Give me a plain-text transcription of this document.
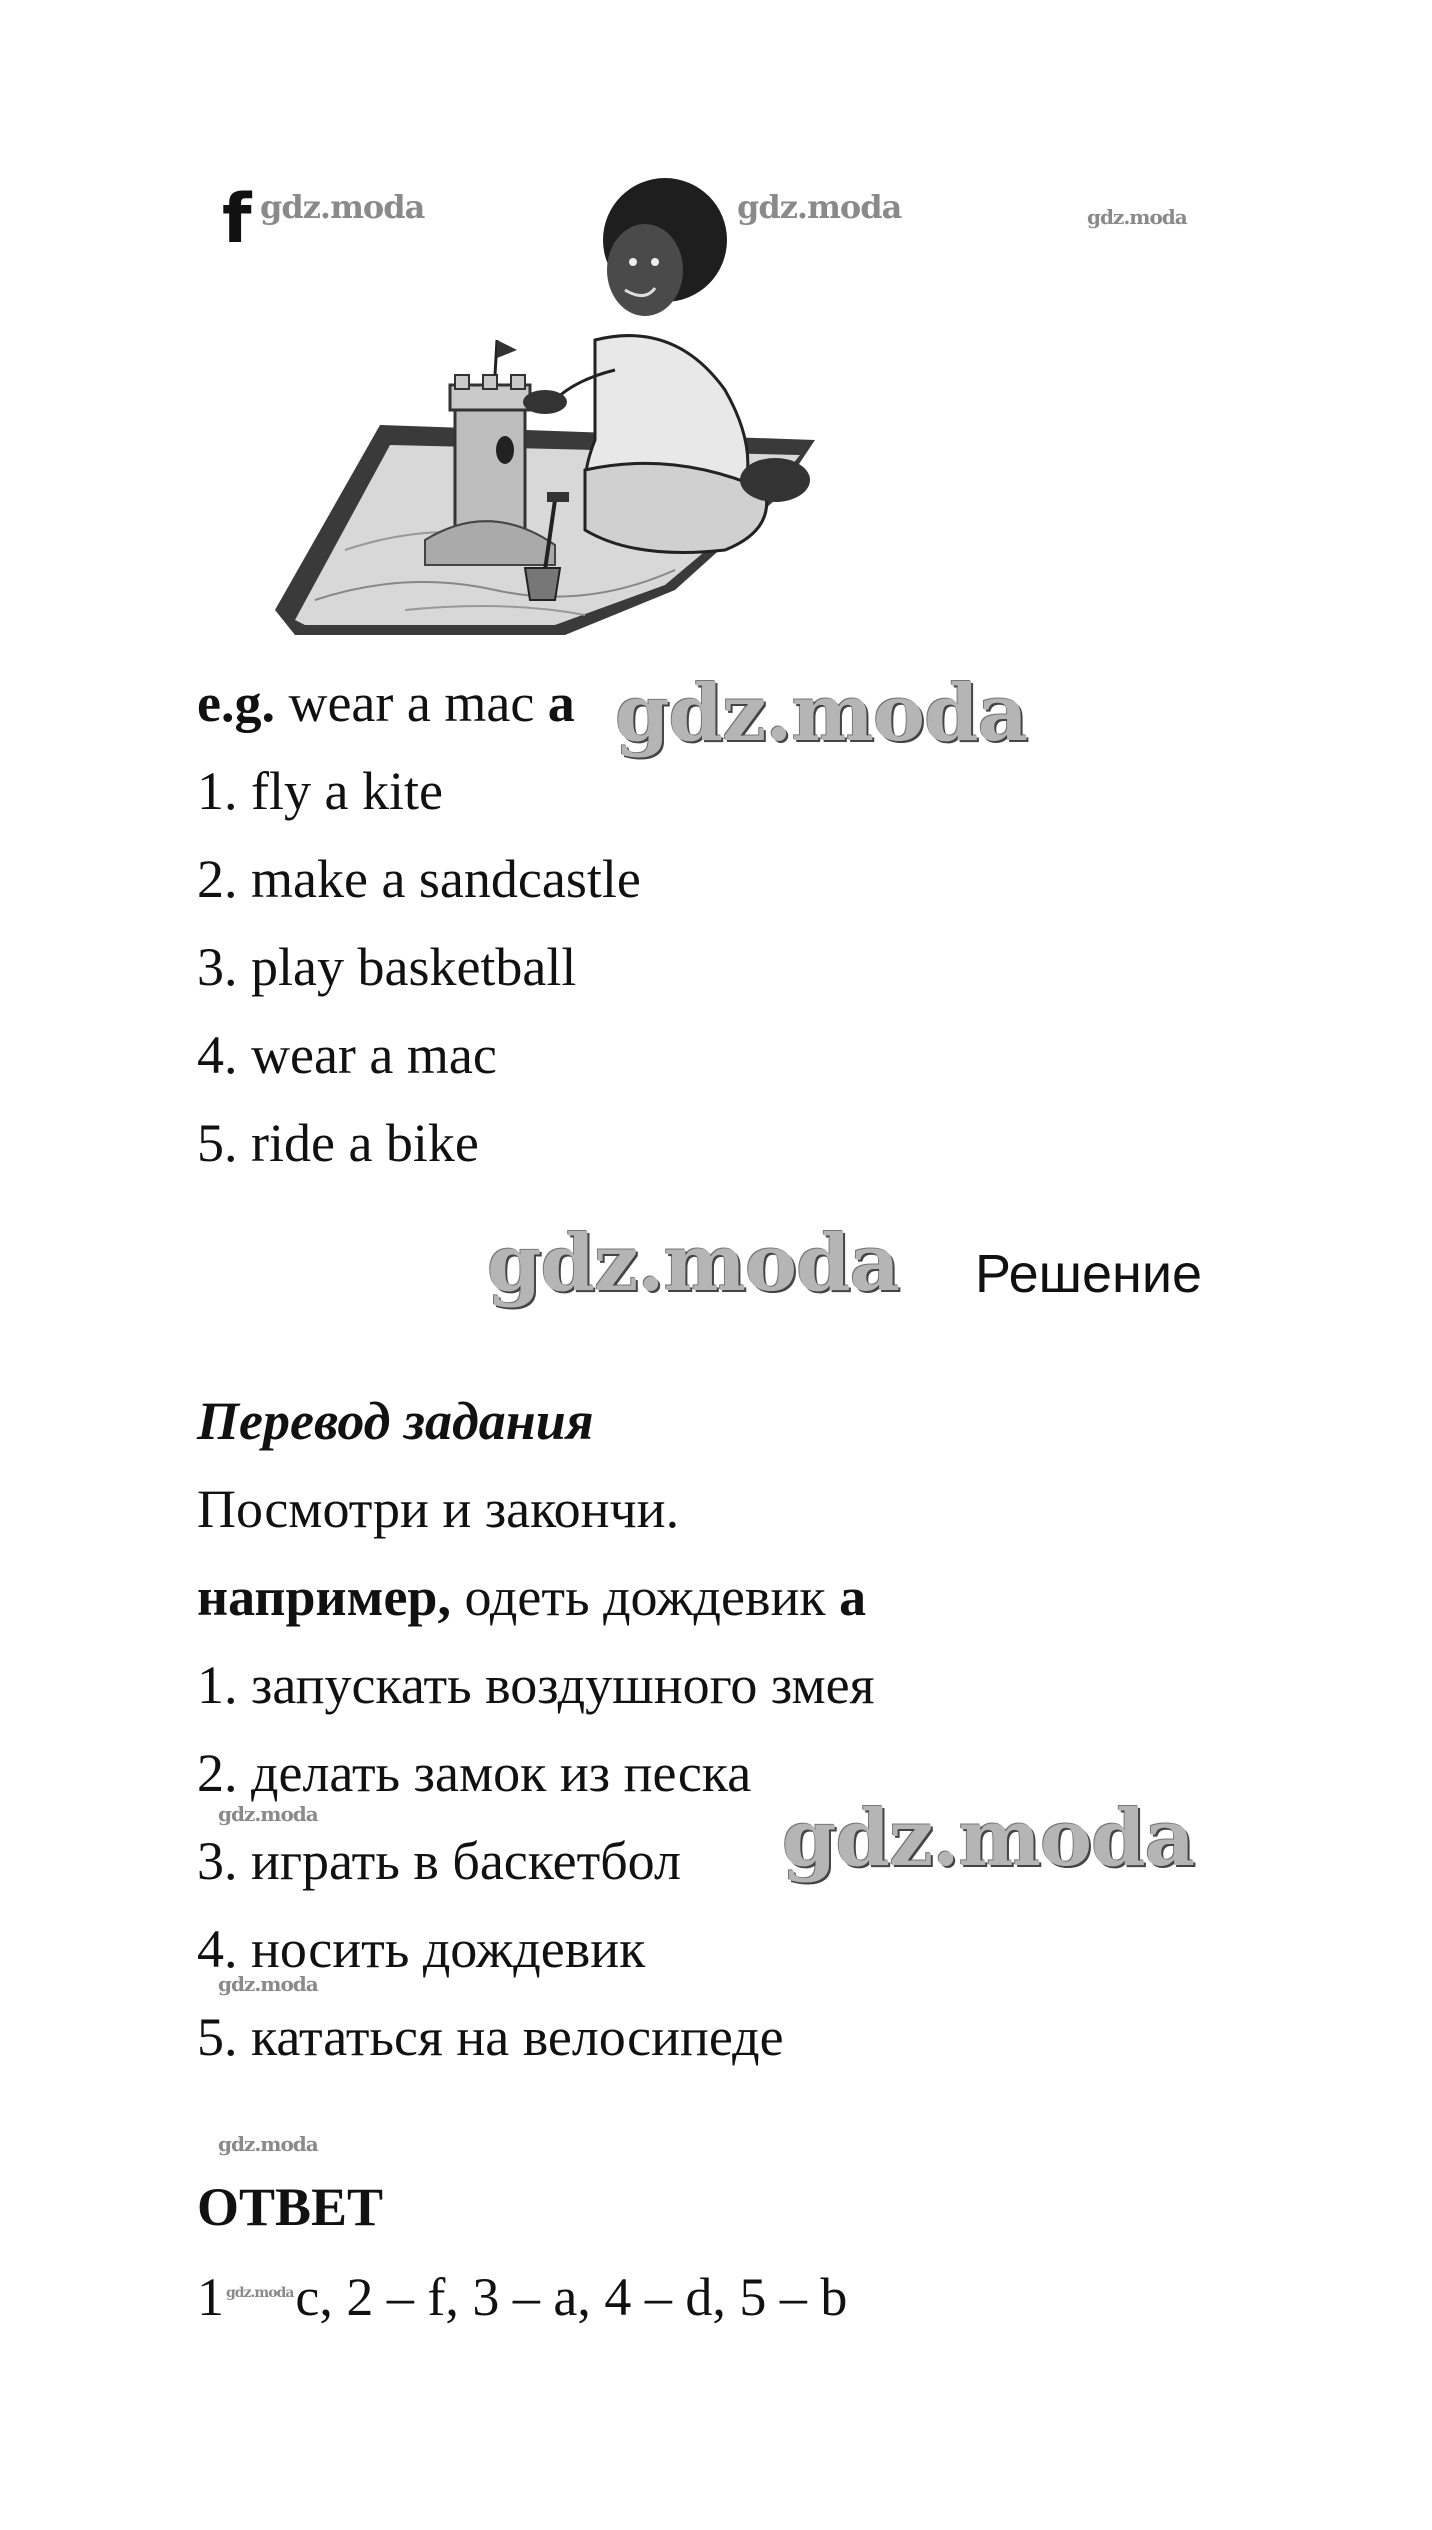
f gdz.moda	gdz.moda	gdz.moda
gdz.moda
gdz.moda
gdz.moda
gdz.moda
gdz.moda
gdz.moda
e.g. wear a mac a
1. fly a kite
2. make a sandcastle
3. play basketball
4. wear a mac
5. ride a bike
Решение
Перевод задания
Посмотри и закончи.
например, одеть дождевик а
1. запускать воздушного змея
2. делать замок из песка
3. играть в баскетбол
4. носить дождевик
5. кататься на велосипеде
ОТВЕТ
1 $^{gdz.moda}$c, 2 – f, 3 – a, 4 – d, 5 – b
